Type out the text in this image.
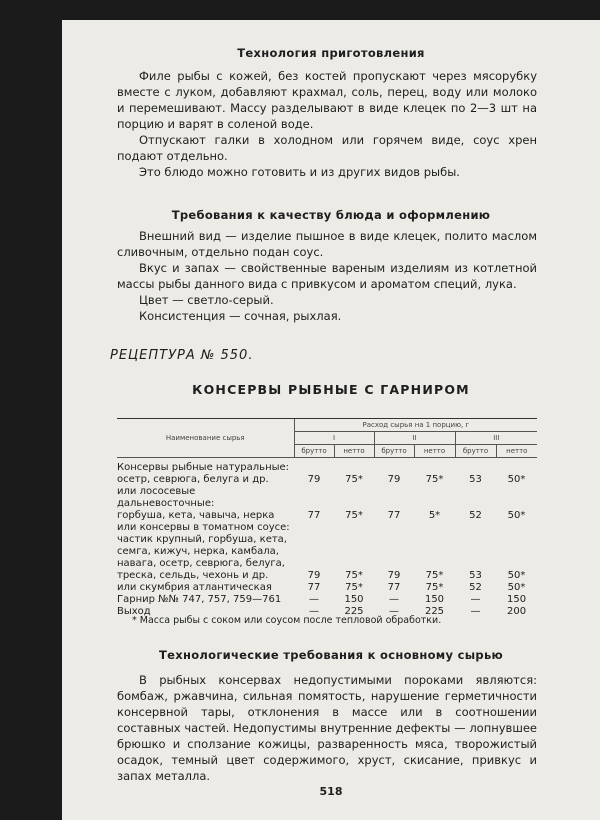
Технология приготовления

Филе рыбы с кожей, без костей пропускают через мясорубку вместе с луком, добавляют крахмал, соль, перец, воду или молоко и перемешивают. Массу разделывают в виде клецек по 2—3 шт на порцию и варят в соленой воде.

Отпускают галки в холодном или горячем виде, соус хрен подают отдельно.

Это блюдо можно готовить и из других видов рыбы.

Требования к качеству блюда и оформлению

Внешний вид — изделие пышное в виде клецек, полито маслом сливочным, отдельно подан соус.

Вкус и запах — свойственные вареным изделиям из котлетной массы рыбы данного вида с привкусом и ароматом специй, лука.

Цвет — светло-серый.

Консистенция — сочная, рыхлая.

РЕЦЕПТУРА № 550.
КОНСЕРВЫ РЫБНЫЕ С ГАРНИРОМ
Наименование сырья	Расход сырья на 1 порцию, г					
	I		II		III	
	брутто	нетто	брутто	нетто	брутто	нетто
Консервы рыбные натуральные:						
осетр, севрюга, белуга и др.	79	75*	79	75*	53	50*
или лососевые дальневосточные:						
горбуша, кета, чавыча, нерка	77	75*	77	5*	52	50*
или консервы в томатном соусе:						
частик крупный, горбуша, кета,						
семга, кижуч, нерка, камбала,						
навага, осетр, севрюга, белуга,						
треска, сельдь, чехонь и др.	79	75*	79	75*	53	50*
или скумбрия атлантическая	77	75*	77	75*	52	50*
Гарнир №№ 747, 757, 759—761	—	150	—	150	—	150
Выход	—	225	—	225	—	200
* Масса рыбы с соком или соусом после тепловой обработки.
Технологические требования к основному сырью

В рыбных консервах недопустимыми пороками являются: бомбаж, ржавчина, сильная помятость, нарушение герметичности консервной тары, отклонения в массе или в соотношении составных частей. Недопустимы внутренние дефекты — лопнувшее брюшко и сползание кожицы, разваренность мяса, творожистый осадок, темный цвет содержимого, хруст, скисание, привкус и запах металла.

518
